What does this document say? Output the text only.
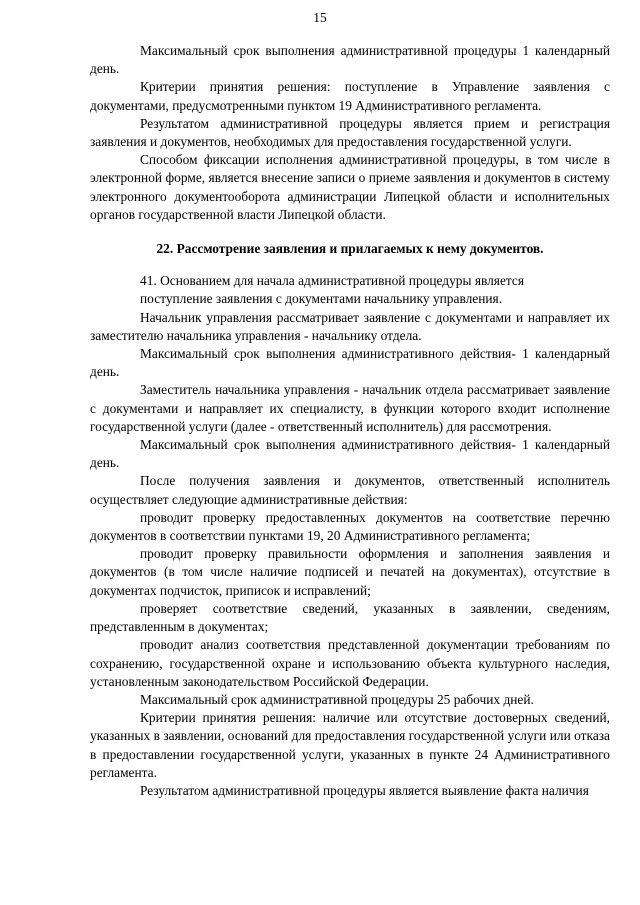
15

Максимальный срок выполнения административной процедуры 1 календарный день.

Критерии принятия решения: поступление в Управление заявления с документами, предусмотренными пунктом 19 Административного регламента.

Результатом административной процедуры является прием и регистрация заявления и документов, необходимых для предоставления государственной услуги.

Способом фиксации исполнения административной процедуры, в том числе в электронной форме, является внесение записи о приеме заявления и документов в систему электронного документооборота администрации Липецкой области и исполнительных органов государственной власти Липецкой области.

22. Рассмотрение заявления и прилагаемых к нему документов.

41. Основанием для начала административной процедуры является

поступление заявления с документами начальнику управления.

Начальник управления рассматривает заявление с документами и направляет их заместителю начальника управления - начальнику отдела.

Максимальный срок выполнения административного действия- 1 календарный день.

Заместитель начальника управления - начальник отдела рассматривает заявление с документами и направляет их специалисту, в функции которого входит исполнение государственной услуги (далее - ответственный исполнитель) для рассмотрения.

Максимальный срок выполнения административного действия- 1 календарный день.

После получения заявления и документов, ответственный исполнитель осуществляет следующие административные действия:

проводит проверку предоставленных документов на соответствие перечню документов в соответствии пунктами 19, 20 Административного регламента;

проводит проверку правильности оформления и заполнения заявления и документов (в том числе наличие подписей и печатей на документах), отсутствие в документах подчисток, приписок и исправлений;

проверяет соответствие сведений, указанных в заявлении, сведениям, представленным в документах;

проводит анализ соответствия представленной документации требованиям по сохранению, государственной охране и использованию объекта культурного наследия, установленным законодательством Российской Федерации.

Максимальный срок административной процедуры 25 рабочих дней.

Критерии принятия решения: наличие или отсутствие достоверных сведений, указанных в заявлении, оснований для предоставления государственной услуги или отказа в предоставлении государственной услуги, указанных в пункте 24 Административного регламента.

Результатом административной процедуры является выявление факта наличия
